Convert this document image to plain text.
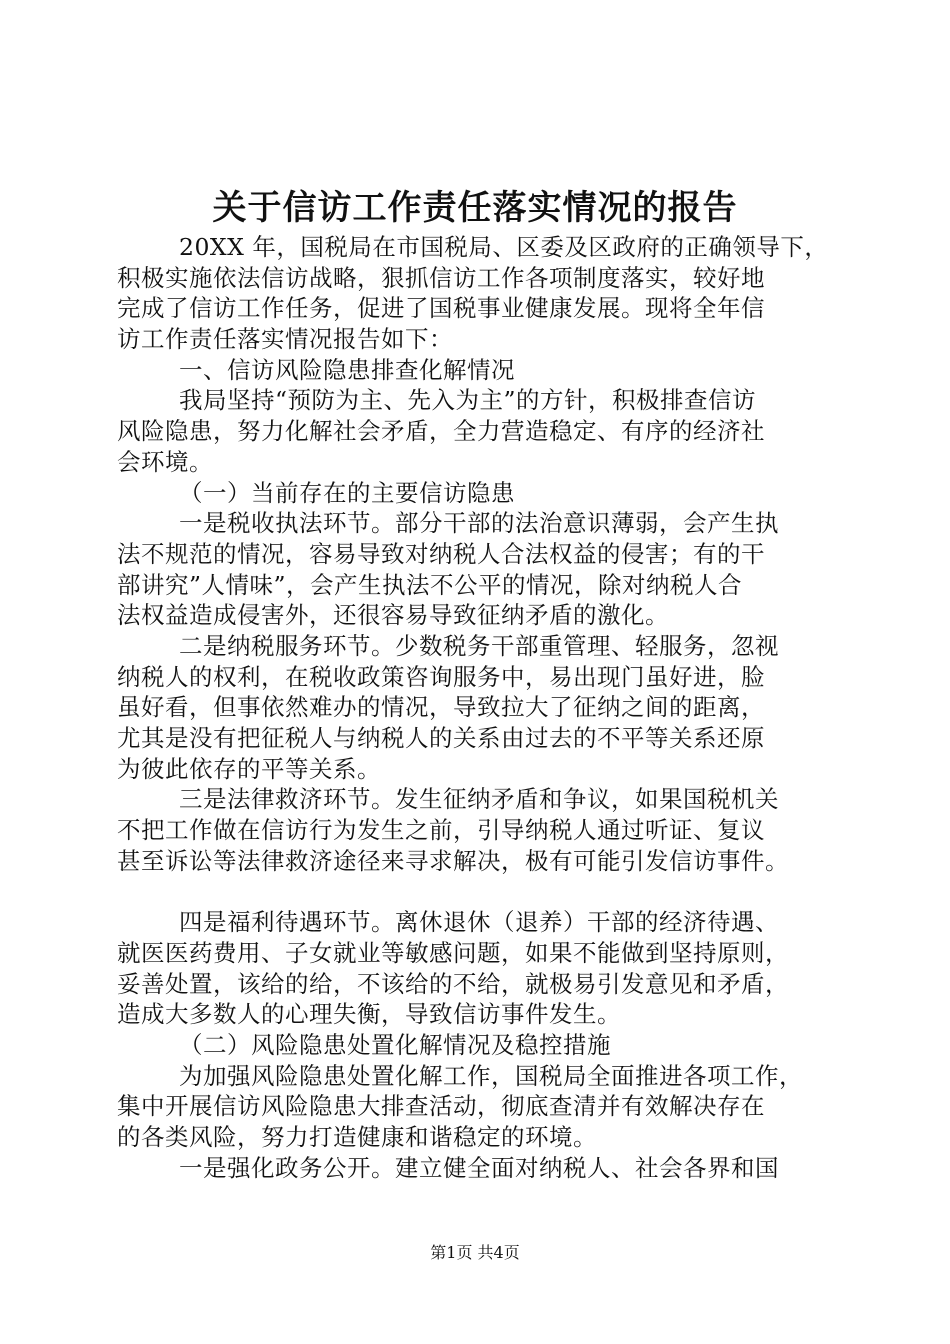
关于信访工作责任落实情况的报告
20XX 年，国税局在市国税局、区委及区政府的正确领导下，
积极实施依法信访战略，狠抓信访工作各项制度落实，较好地
完成了信访工作任务，促进了国税事业健康发展。现将全年信
访工作责任落实情况报告如下：
一、信访风险隐患排查化解情况
我局坚持“预防为主、先入为主”的方针，积极排查信访
风险隐患，努力化解社会矛盾，全力营造稳定、有序的经济社
会环境。
（一）当前存在的主要信访隐患
一是税收执法环节。部分干部的法治意识薄弱，会产生执
法不规范的情况，容易导致对纳税人合法权益的侵害；有的干
部讲究”人情味”，会产生执法不公平的情况，除对纳税人合
法权益造成侵害外，还很容易导致征纳矛盾的激化。
二是纳税服务环节。少数税务干部重管理、轻服务，忽视
纳税人的权利，在税收政策咨询服务中，易出现门虽好进，脸
虽好看，但事依然难办的情况，导致拉大了征纳之间的距离，
尤其是没有把征税人与纳税人的关系由过去的不平等关系还原
为彼此依存的平等关系。
三是法律救济环节。发生征纳矛盾和争议，如果国税机关
不把工作做在信访行为发生之前，引导纳税人通过听证、复议
甚至诉讼等法律救济途径来寻求解决，极有可能引发信访事件。
四是福利待遇环节。离休退休（退养）干部的经济待遇、
就医医药费用、子女就业等敏感问题，如果不能做到坚持原则，
妥善处置，该给的给，不该给的不给，就极易引发意见和矛盾，
造成大多数人的心理失衡，导致信访事件发生。
（二）风险隐患处置化解情况及稳控措施
为加强风险隐患处置化解工作，国税局全面推进各项工作，
集中开展信访风险隐患大排查活动，彻底查清并有效解决存在
的各类风险，努力打造健康和谐稳定的环境。
一是强化政务公开。建立健全面对纳税人、社会各界和国
第1页 共4页
